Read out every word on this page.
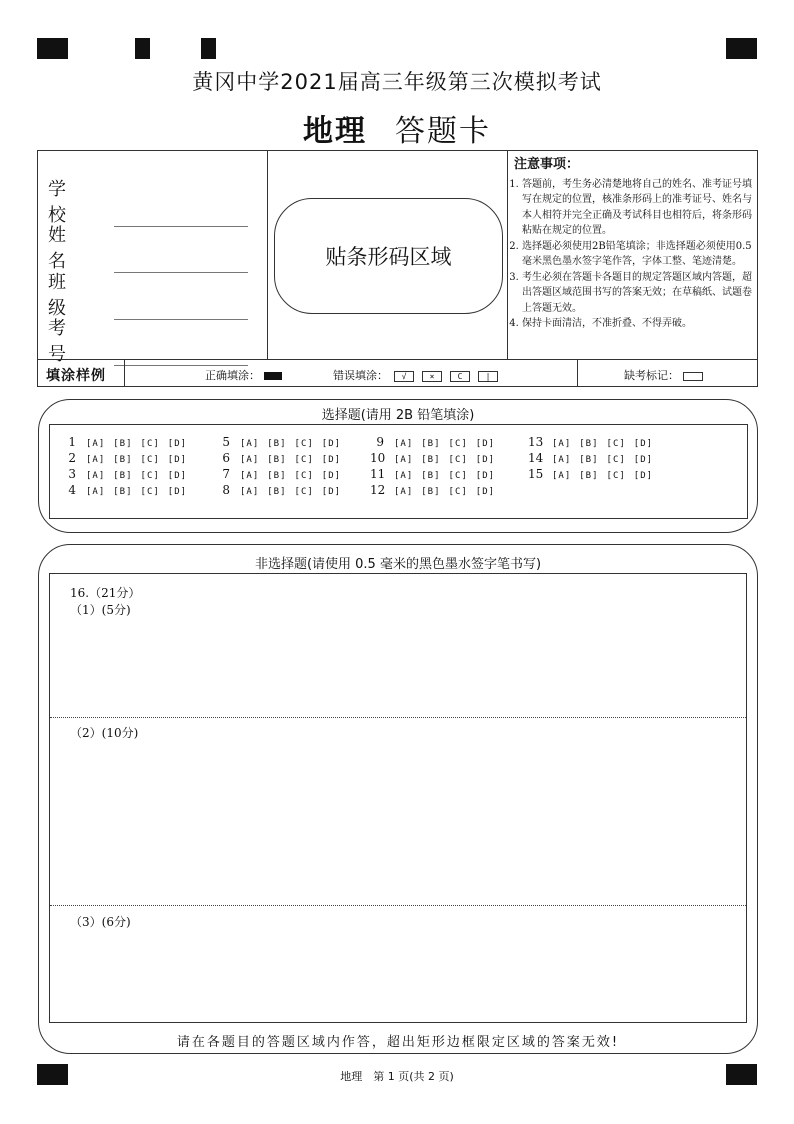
黄冈中学2021届高三年级第三次模拟考试
地理 答题卡
学校
姓名
班级
考号
贴条形码区域
注意事项：
1. 答题前，考生务必清楚地将自己的姓名、准考证号填写在规定的位置，核准条形码上的准考证号、姓名与本人相符并完全正确及考试科目也相符后，将条形码粘贴在规定的位置。
2. 选择题必须使用2B铅笔填涂；非选择题必须使用0.5毫米黑色墨水签字笔作答，字体工整、笔迹清楚。
3. 考生必须在答题卡各题目的规定答题区域内答题，超出答题区域范围书写的答案无效；在草稿纸、试题卷上答题无效。
4. 保持卡面清洁，不准折叠、不得弄破。
填涂样例	正确填涂：	错误填涂： √	×	C	|	缺考标记：
选择题(请用 2B 铅笔填涂)
1 [A] [B] [C] [D]
2 [A] [B] [C] [D]
3 [A] [B] [C] [D]
4 [A] [B] [C] [D]
5 [A] [B] [C] [D]
6 [A] [B] [C] [D]
7 [A] [B] [C] [D]
8 [A] [B] [C] [D]
9 [A] [B] [C] [D]
10 [A] [B] [C] [D]
11 [A] [B] [C] [D]
12 [A] [B] [C] [D]
13 [A] [B] [C] [D]
14 [A] [B] [C] [D]
15 [A] [B] [C] [D]
非选择题(请使用 0.5 毫米的黑色墨水签字笔书写)
16.（21分）
（1）(5分)
（2）(10分)
（3）(6分)
请在各题目的答题区域内作答，超出矩形边框限定区域的答案无效!
地理　第 1 页(共 2 页)
